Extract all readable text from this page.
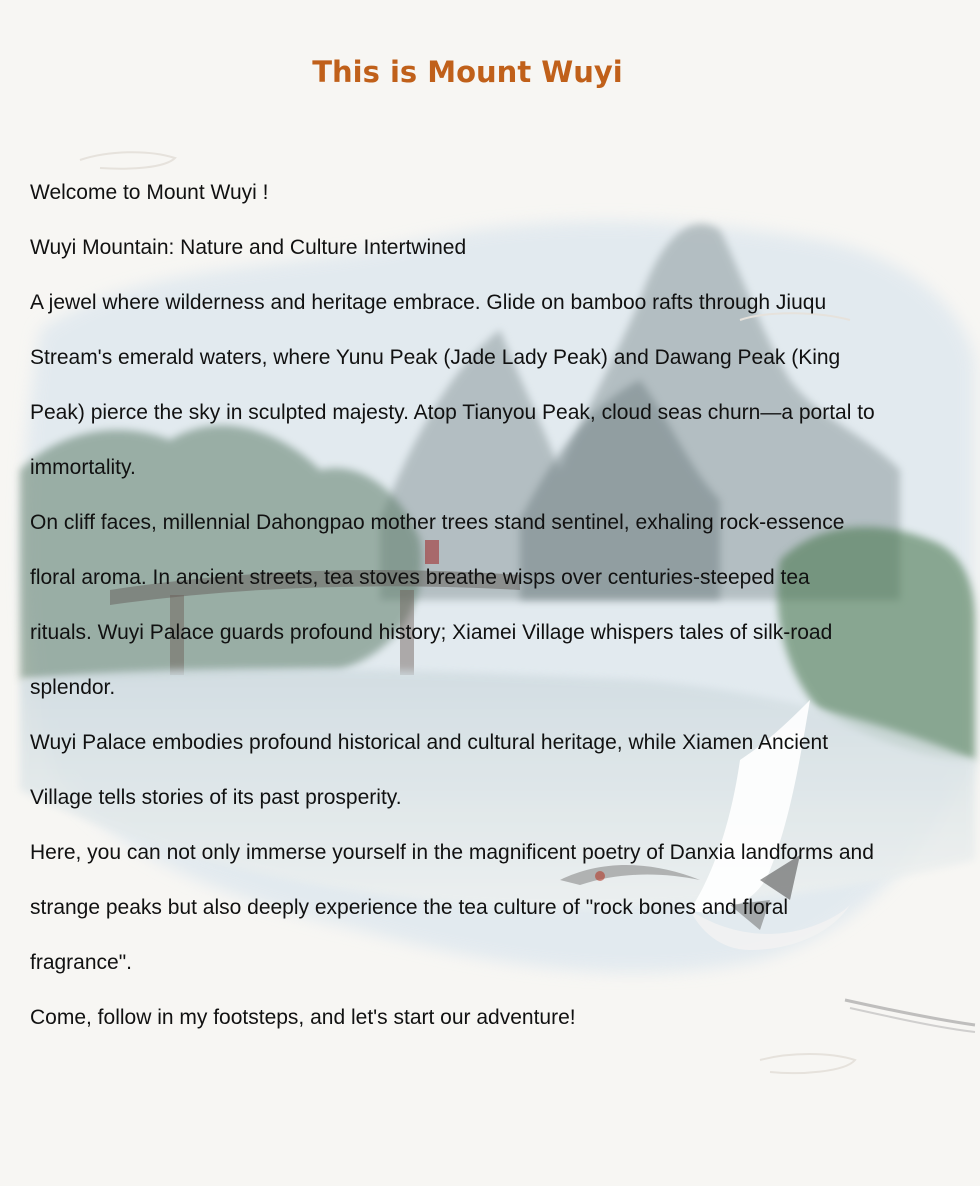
This is Mount Wuyi

Welcome to Mount Wuyi !

Wuyi Mountain: Nature and Culture Intertwined

A jewel where wilderness and heritage embrace. Glide on bamboo rafts through Jiuqu

Stream's emerald waters, where Yunu Peak (Jade Lady Peak) and Dawang Peak (King

Peak) pierce the sky in sculpted majesty. Atop Tianyou Peak, cloud seas churn—a portal to

immortality.

On cliff faces, millennial Dahongpao mother trees stand sentinel, exhaling rock-essence

floral aroma. In ancient streets, tea stoves breathe wisps over centuries-steeped tea

rituals. Wuyi Palace guards profound history; Xiamei Village whispers tales of silk-road

splendor.

Wuyi Palace embodies profound historical and cultural heritage, while Xiamen Ancient

Village tells stories of its past prosperity.

Here, you can not only immerse yourself in the magnificent poetry of Danxia landforms and

strange peaks but also deeply experience the tea culture of "rock bones and floral

fragrance".

Come, follow in my footsteps, and let's start our adventure!
